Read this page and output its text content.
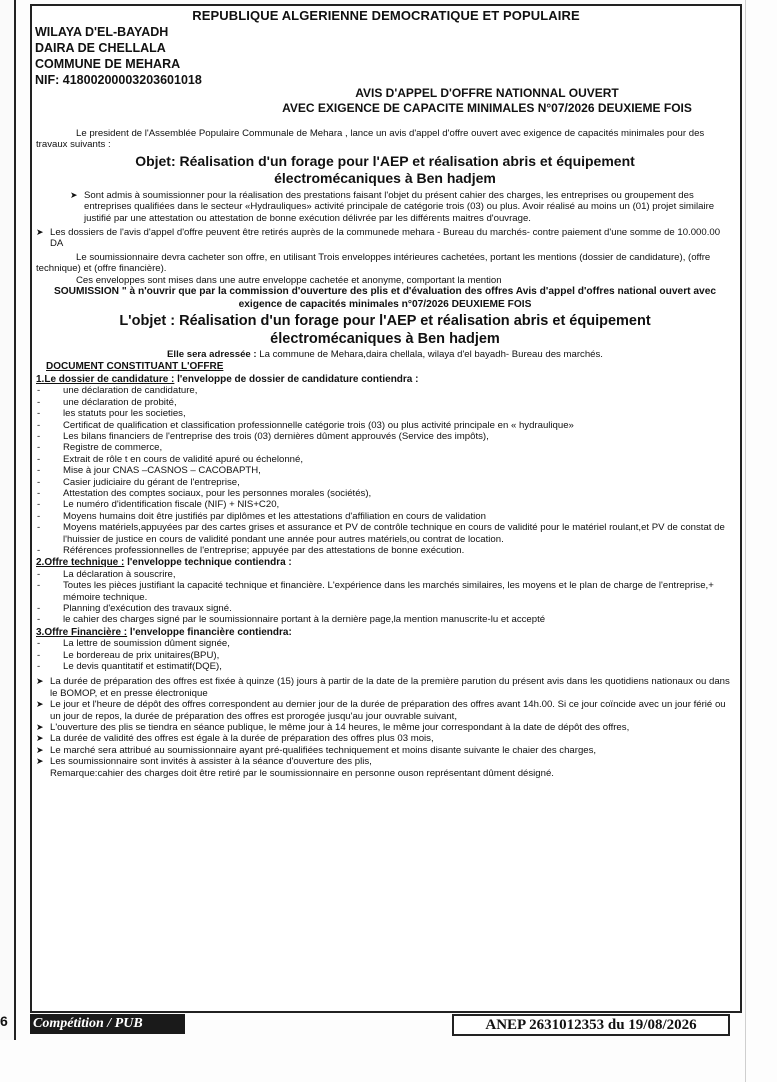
6
REPUBLIQUE ALGERIENNE DEMOCRATIQUE ET POPULAIRE
WILAYA D'EL-BAYADH
DAIRA DE CHELLALA
COMMUNE DE MEHARA
NIF: 418002000032036010​18
AVIS D'APPEL D'OFFRE NATIONNAL OUVERT
AVEC EXIGENCE DE CAPACITE MINIMALES N°07/2026 DEUXIEME FOIS

Le president de l'Assemblée Populaire Communale de Mehara , lance un avis d'appel d'offre ouvert avec exigence de capacités minimales pour des travaux suivants :

Objet: Réalisation d'un forage pour l'AEP et réalisation abris et équipement électromécaniques à Ben hadjem

➤ Sont admis à soumissionner pour la réalisation des prestations faisant l'objet du présent cahier des charges, les entreprises ou groupement des entreprises qualifiées dans le secteur «Hydrauliques» activité principale de catégorie trois (03) ou plus. Avoir réalisé au moins un (01) projet similaire justifié par une attestation ou attestation de bonne exécution délivrée par les différents maitres d'ouvrage.
➤ Les dossiers de l'avis d'appel d'offre peuvent être retirés auprès de la communede mehara - Bureau du marchés- contre paiement d'une somme de 10.000.00 DA

Le soumissionnaire devra cacheter son offre, en utilisant Trois enveloppes intérieures cachetées, portant les mentions (dossier de candidature), (offre technique) et (offre financière).

Ces enveloppes sont mises dans une autre enveloppe cachetée et anonyme, comportant la mention

SOUMISSION " à n'ouvrir que par la commission d'ouverture des plis et d'évaluation des offres Avis d'appel d'offres national ouvert avec exigence de capacités minimales n°07/2026 DEUXIEME FOIS

L'objet : Réalisation d'un forage pour l'AEP et réalisation abris et équipement électromécaniques à Ben hadjem

Elle sera adressée : La commune de Mehara,daira chellala, wilaya d'el bayadh- Bureau des marchés.

DOCUMENT CONSTITUANT L'OFFRE

1.Le dossier de candidature : l'enveloppe de dossier de candidature contiendra :

- une déclaration de candidature,
- une déclaration de probité,
- les statuts pour les societies,
- Certificat de qualification et classification professionnelle catégorie trois (03) ou plus activité principale en « hydraulique»
- Les bilans financiers de l'entreprise des trois (03) dernières dûment approuvés (Service des impôts),
- Registre de commerce,
- Extrait de rôle t en cours de validité apuré ou échelonné,
- Mise à jour CNAS –CASNOS – CACOBAPTH,
- Casier judiciaire du gérant de l'entreprise,
- Attestation des comptes sociaux, pour les personnes morales (sociétés),
- Le numéro d'identification fiscale (NIF) + NIS+C20,
- Moyens humains doit être justifiés par diplômes et les attestations d'affiliation en cours de validation
- Moyens matériels,appuyées par des cartes grises et assurance et PV de contrôle technique en cours de validité pour le matériel roulant,et PV de constat de l'huissier de justice en cours de validité pondant une année pour autres matériels,ou contrat de location.
- Références professionnelles de l'entreprise; appuyée par des attestations de bonne exécution.

2.Offre technique : l'enveloppe technique contiendra :

- La déclaration à souscrire,
- Toutes les pièces justifiant la capacité technique et financière. L'expérience dans les marchés similaires, les moyens et le plan de charge de l'entreprise,+ mémoire technique.
- Planning d'exécution des travaux signé.
- le cahier des charges signé par le soumissionnaire portant à la dernière page,la mention manuscrite-lu et accepté

3.Offre Financière : l'enveloppe financière contiendra:

- La lettre de soumission dûment signée,
- Le bordereau de prix unitaires(BPU),
- Le devis quantitatif et estimatif(DQE),
➤ La durée de préparation des offres est fixée à quinze (15) jours à partir de la date de la première parution du présent avis dans les quotidiens nationaux ou dans le BOMOP, et en presse électronique
➤ Le jour et l'heure de dépôt des offres correspondent au dernier jour de la durée de préparation des offres avant 14h.00. Si ce jour coïncide avec un jour férié ou un jour de repos, la durée de préparation des offres est prorogée jusqu'au jour ouvrable suivant,
➤ L'ouverture des plis se tiendra en séance publique, le même jour à 14 heures, le même jour correspondant à la date de dépôt des offres,
➤ La durée de validité des offres est égale à la durée de préparation des offres plus 03 mois,
➤ Le marché sera attribué au soumissionnaire ayant pré-qualifiées techniquement et moins disante suivante le chaier des charges,
➤ Les soumissionnaire sont invités à assister à la séance d'ouverture des plis,

Remarque:cahier des charges doit être retiré par le soumissionnaire en personne ouson représentant dûment désigné.

Compétition / PUB	ANEP 2631012353 du 19/08/2026
